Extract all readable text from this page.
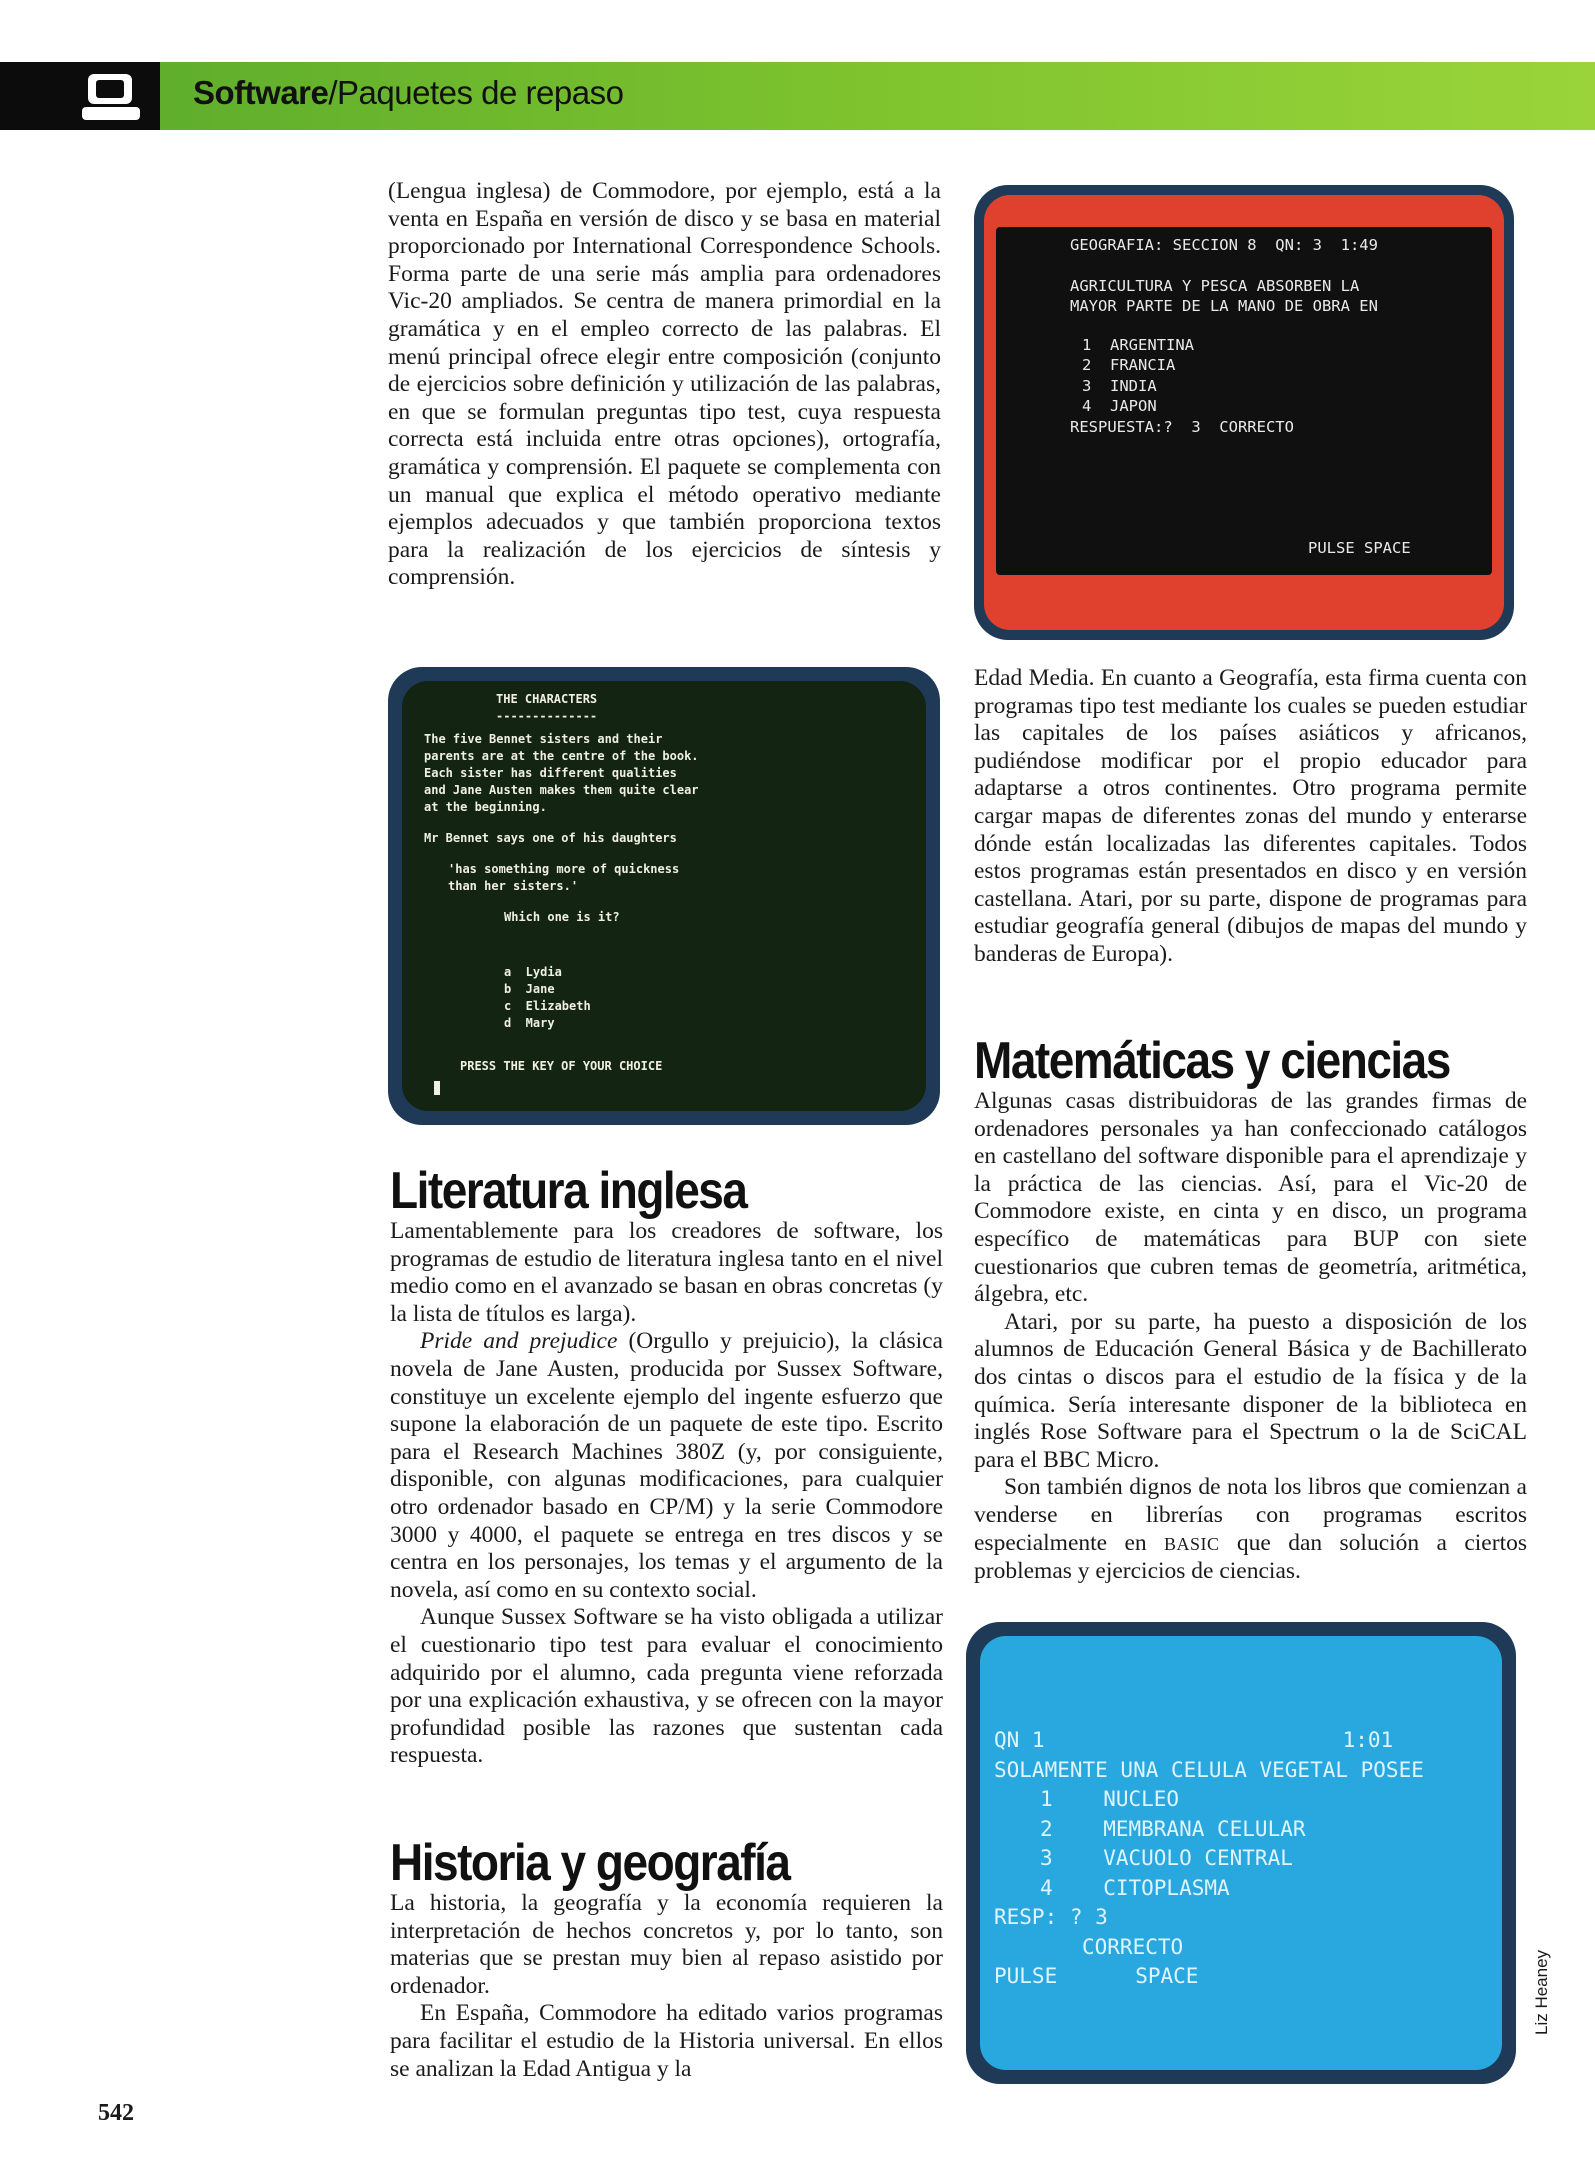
Software/Paquetes de repaso

(Lengua inglesa) de Commodore, por ejemplo, está a la venta en España en versión de disco y se basa en material proporcionado por International Correspondence Schools. Forma parte de una serie más amplia para ordenadores Vic-20 ampliados. Se centra de manera primordial en la gramática y en el empleo correcto de las palabras. El menú principal ofrece elegir entre composición (conjunto de ejercicios sobre definición y utilización de las palabras, en que se formulan preguntas tipo test, cuya respuesta correcta está incluida entre otras opciones), ortografía, gramática y comprensión. El paquete se complementa con un manual que explica el método operativo mediante ejemplos adecuados y que también proporciona textos para la realización de los ejercicios de síntesis y comprensión.

GEOGRAFIA: SECCION 8  QN: 3  1:49
AGRICULTURA Y PESCA ABSORBEN LA
MAYOR PARTE DE LA MANO DE OBRA EN
1  ARGENTINA
2  FRANCIA
3  INDIA
4  JAPON
RESPUESTA:?  3  CORRECTO
PULSE SPACE
THE CHARACTERS
--------------
The five Bennet sisters and their
parents are at the centre of the book.
Each sister has different qualities
and Jane Austen makes them quite clear
at the beginning.
Mr Bennet says one of his daughters
'has something more of quickness
than her sisters.'
Which one is it?
a  Lydia
b  Jane
c  Elizabeth
d  Mary
PRESS THE KEY OF YOUR CHOICE
Literatura inglesa

Lamentablemente para los creadores de software, los programas de estudio de literatura inglesa tanto en el nivel medio como en el avanzado se basan en obras concretas (y la lista de títulos es larga).

Pride and prejudice (Orgullo y prejuicio), la clásica novela de Jane Austen, producida por Sussex Software, constituye un excelente ejemplo del ingente esfuerzo que supone la elaboración de un paquete de este tipo. Escrito para el Research Machines 380Z (y, por consiguiente, disponible, con algunas modificaciones, para cualquier otro ordenador basado en CP/M) y la serie Commodore 3000 y 4000, el paquete se entrega en tres discos y se centra en los personajes, los temas y el argumento de la novela, así como en su contexto social.

Aunque Sussex Software se ha visto obligada a utilizar el cuestionario tipo test para evaluar el conocimiento adquirido por el alumno, cada pregunta viene reforzada por una explicación exhaustiva, y se ofrecen con la mayor profundidad posible las razones que sustentan cada respuesta.

Historia y geografía

La historia, la geografía y la economía requieren la interpretación de hechos concretos y, por lo tanto, son materias que se prestan muy bien al repaso asistido por ordenador.

En España, Commodore ha editado varios programas para facilitar el estudio de la Historia universal. En ellos se analizan la Edad Antigua y la

Edad Media. En cuanto a Geografía, esta firma cuenta con programas tipo test mediante los cuales se pueden estudiar las capitales de los países asiáticos y africanos, pudiéndose modificar por el propio educador para adaptarse a otros continentes. Otro programa permite cargar mapas de diferentes zonas del mundo y enterarse dónde están localizadas las diferentes capitales. Todos estos programas están presentados en disco y en versión castellana. Atari, por su parte, dispone de programas para estudiar geografía general (dibujos de mapas del mundo y banderas de Europa).

Matemáticas y ciencias

Algunas casas distribuidoras de las grandes firmas de ordenadores personales ya han confeccionado catálogos en castellano del software disponible para el aprendizaje y la práctica de las ciencias. Así, para el Vic-20 de Commodore existe, en cinta y en disco, un programa específico de matemáticas para BUP con siete cuestionarios que cubren temas de geometría, aritmética, álgebra, etc.

Atari, por su parte, ha puesto a disposición de los alumnos de Educación General Básica y de Bachillerato dos cintas o discos para el estudio de la física y de la química. Sería interesante disponer de la biblioteca en inglés Rose Software para el Spectrum o la de SciCAL para el BBC Micro.

Son también dignos de nota los libros que comienzan a venderse en librerías con programas escritos especialmente en BASIC que dan solución a ciertos problemas y ejercicios de ciencias.

QN 1	1:01
SOLAMENTE UNA CELULA VEGETAL POSEE
1    NUCLEO
2    MEMBRANA CELULAR
3    VACUOLO CENTRAL
4    CITOPLASMA
RESP: ? 3
CORRECTO
PULSE	SPACE
542
Liz Heaney
